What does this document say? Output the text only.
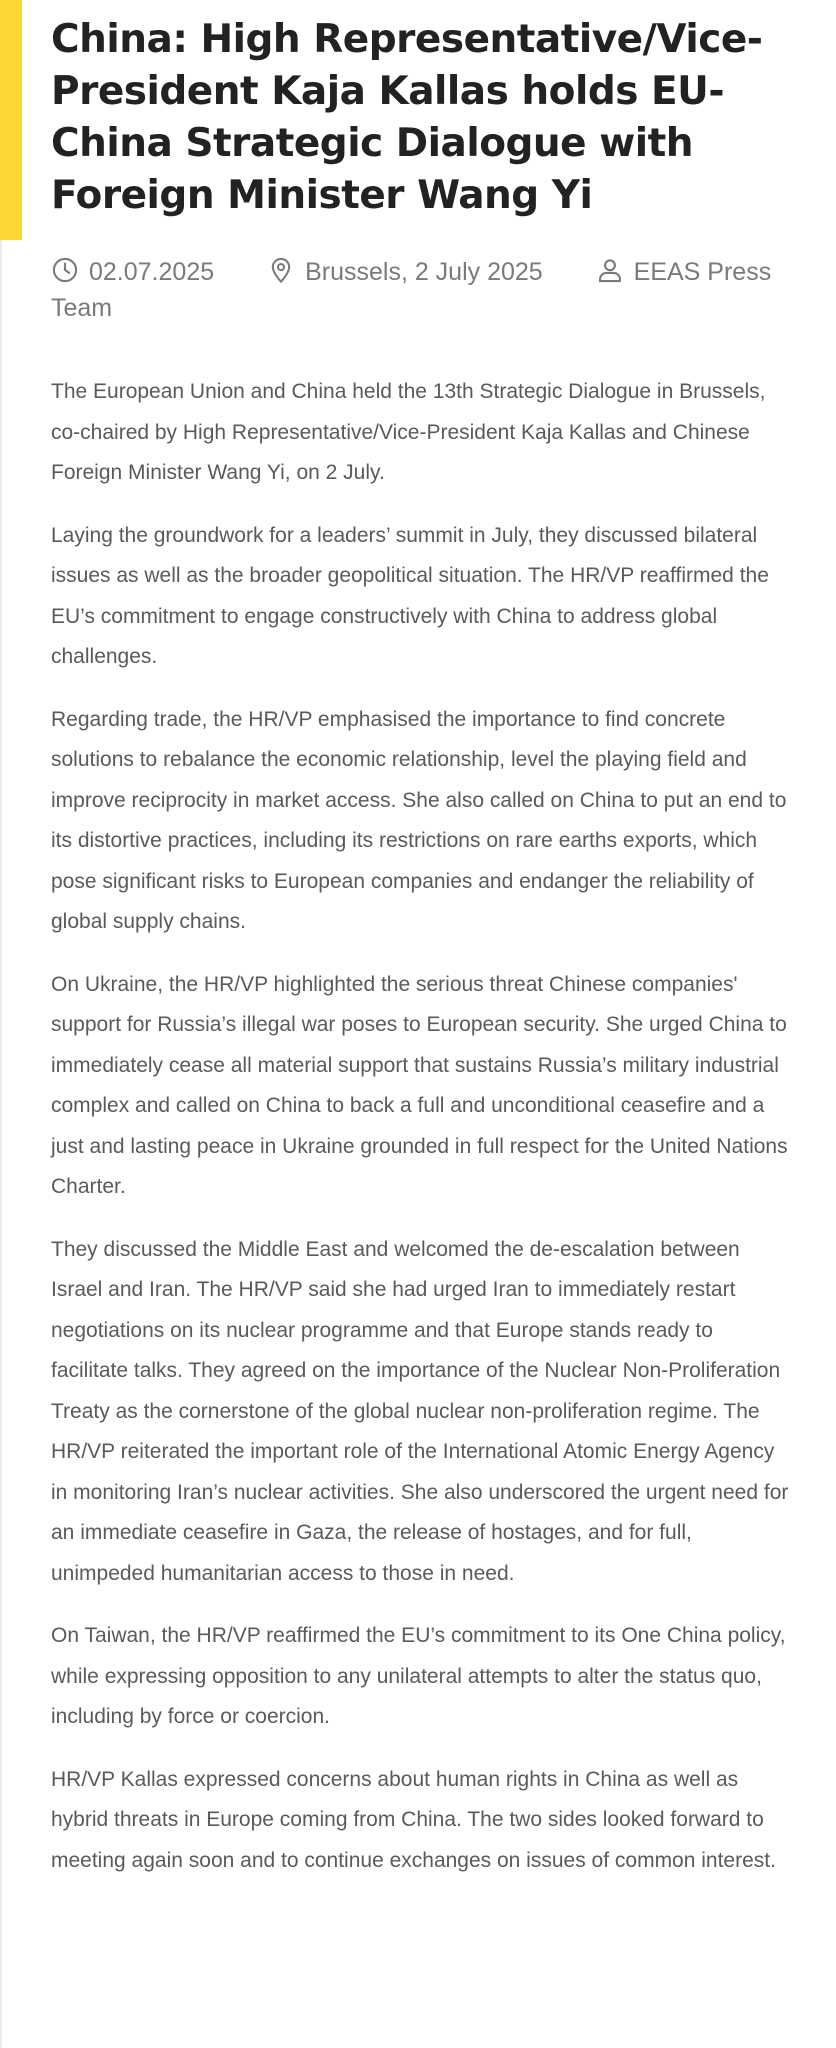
China: High Representative/Vice-President Kaja Kallas holds EU-China Strategic Dialogue with Foreign Minister Wang Yi
02.07.2025	Brussels, 2 July 2025	EEAS Press Team

The European Union and China held the 13th Strategic Dialogue in Brussels, co-chaired by High Representative/Vice-President Kaja Kallas and Chinese Foreign Minister Wang Yi, on 2 July.

Laying the groundwork for a leaders’ summit in July, they discussed bilateral issues as well as the broader geopolitical situation. The HR/VP reaffirmed the EU’s commitment to engage constructively with China to address global challenges.

Regarding trade, the HR/VP emphasised the importance to find concrete solutions to rebalance the economic relationship, level the playing field and improve reciprocity in market access. She also called on China to put an end to its distortive practices, including its restrictions on rare earths exports, which pose significant risks to European companies and endanger the reliability of global supply chains.

On Ukraine, the HR/VP highlighted the serious threat Chinese companies' support for Russia’s illegal war poses to European security. She urged China to immediately cease all material support that sustains Russia’s military industrial complex and called on China to back a full and unconditional ceasefire and a just and lasting peace in Ukraine grounded in full respect for the United Nations Charter.

They discussed the Middle East and welcomed the de-escalation between Israel and Iran. The HR/VP said she had urged Iran to immediately restart negotiations on its nuclear programme and that Europe stands ready to facilitate talks. They agreed on the importance of the Nuclear Non-Proliferation Treaty as the cornerstone of the global nuclear non-proliferation regime. The HR/VP reiterated the important role of the International Atomic Energy Agency in monitoring Iran’s nuclear activities. She also underscored the urgent need for an immediate ceasefire in Gaza, the release of hostages, and for full, unimpeded humanitarian access to those in need.

On Taiwan, the HR/VP reaffirmed the EU’s commitment to its One China policy, while expressing opposition to any unilateral attempts to alter the status quo, including by force or coercion.

HR/VP Kallas expressed concerns about human rights in China as well as hybrid threats in Europe coming from China. The two sides looked forward to meeting again soon and to continue exchanges on issues of common interest.
